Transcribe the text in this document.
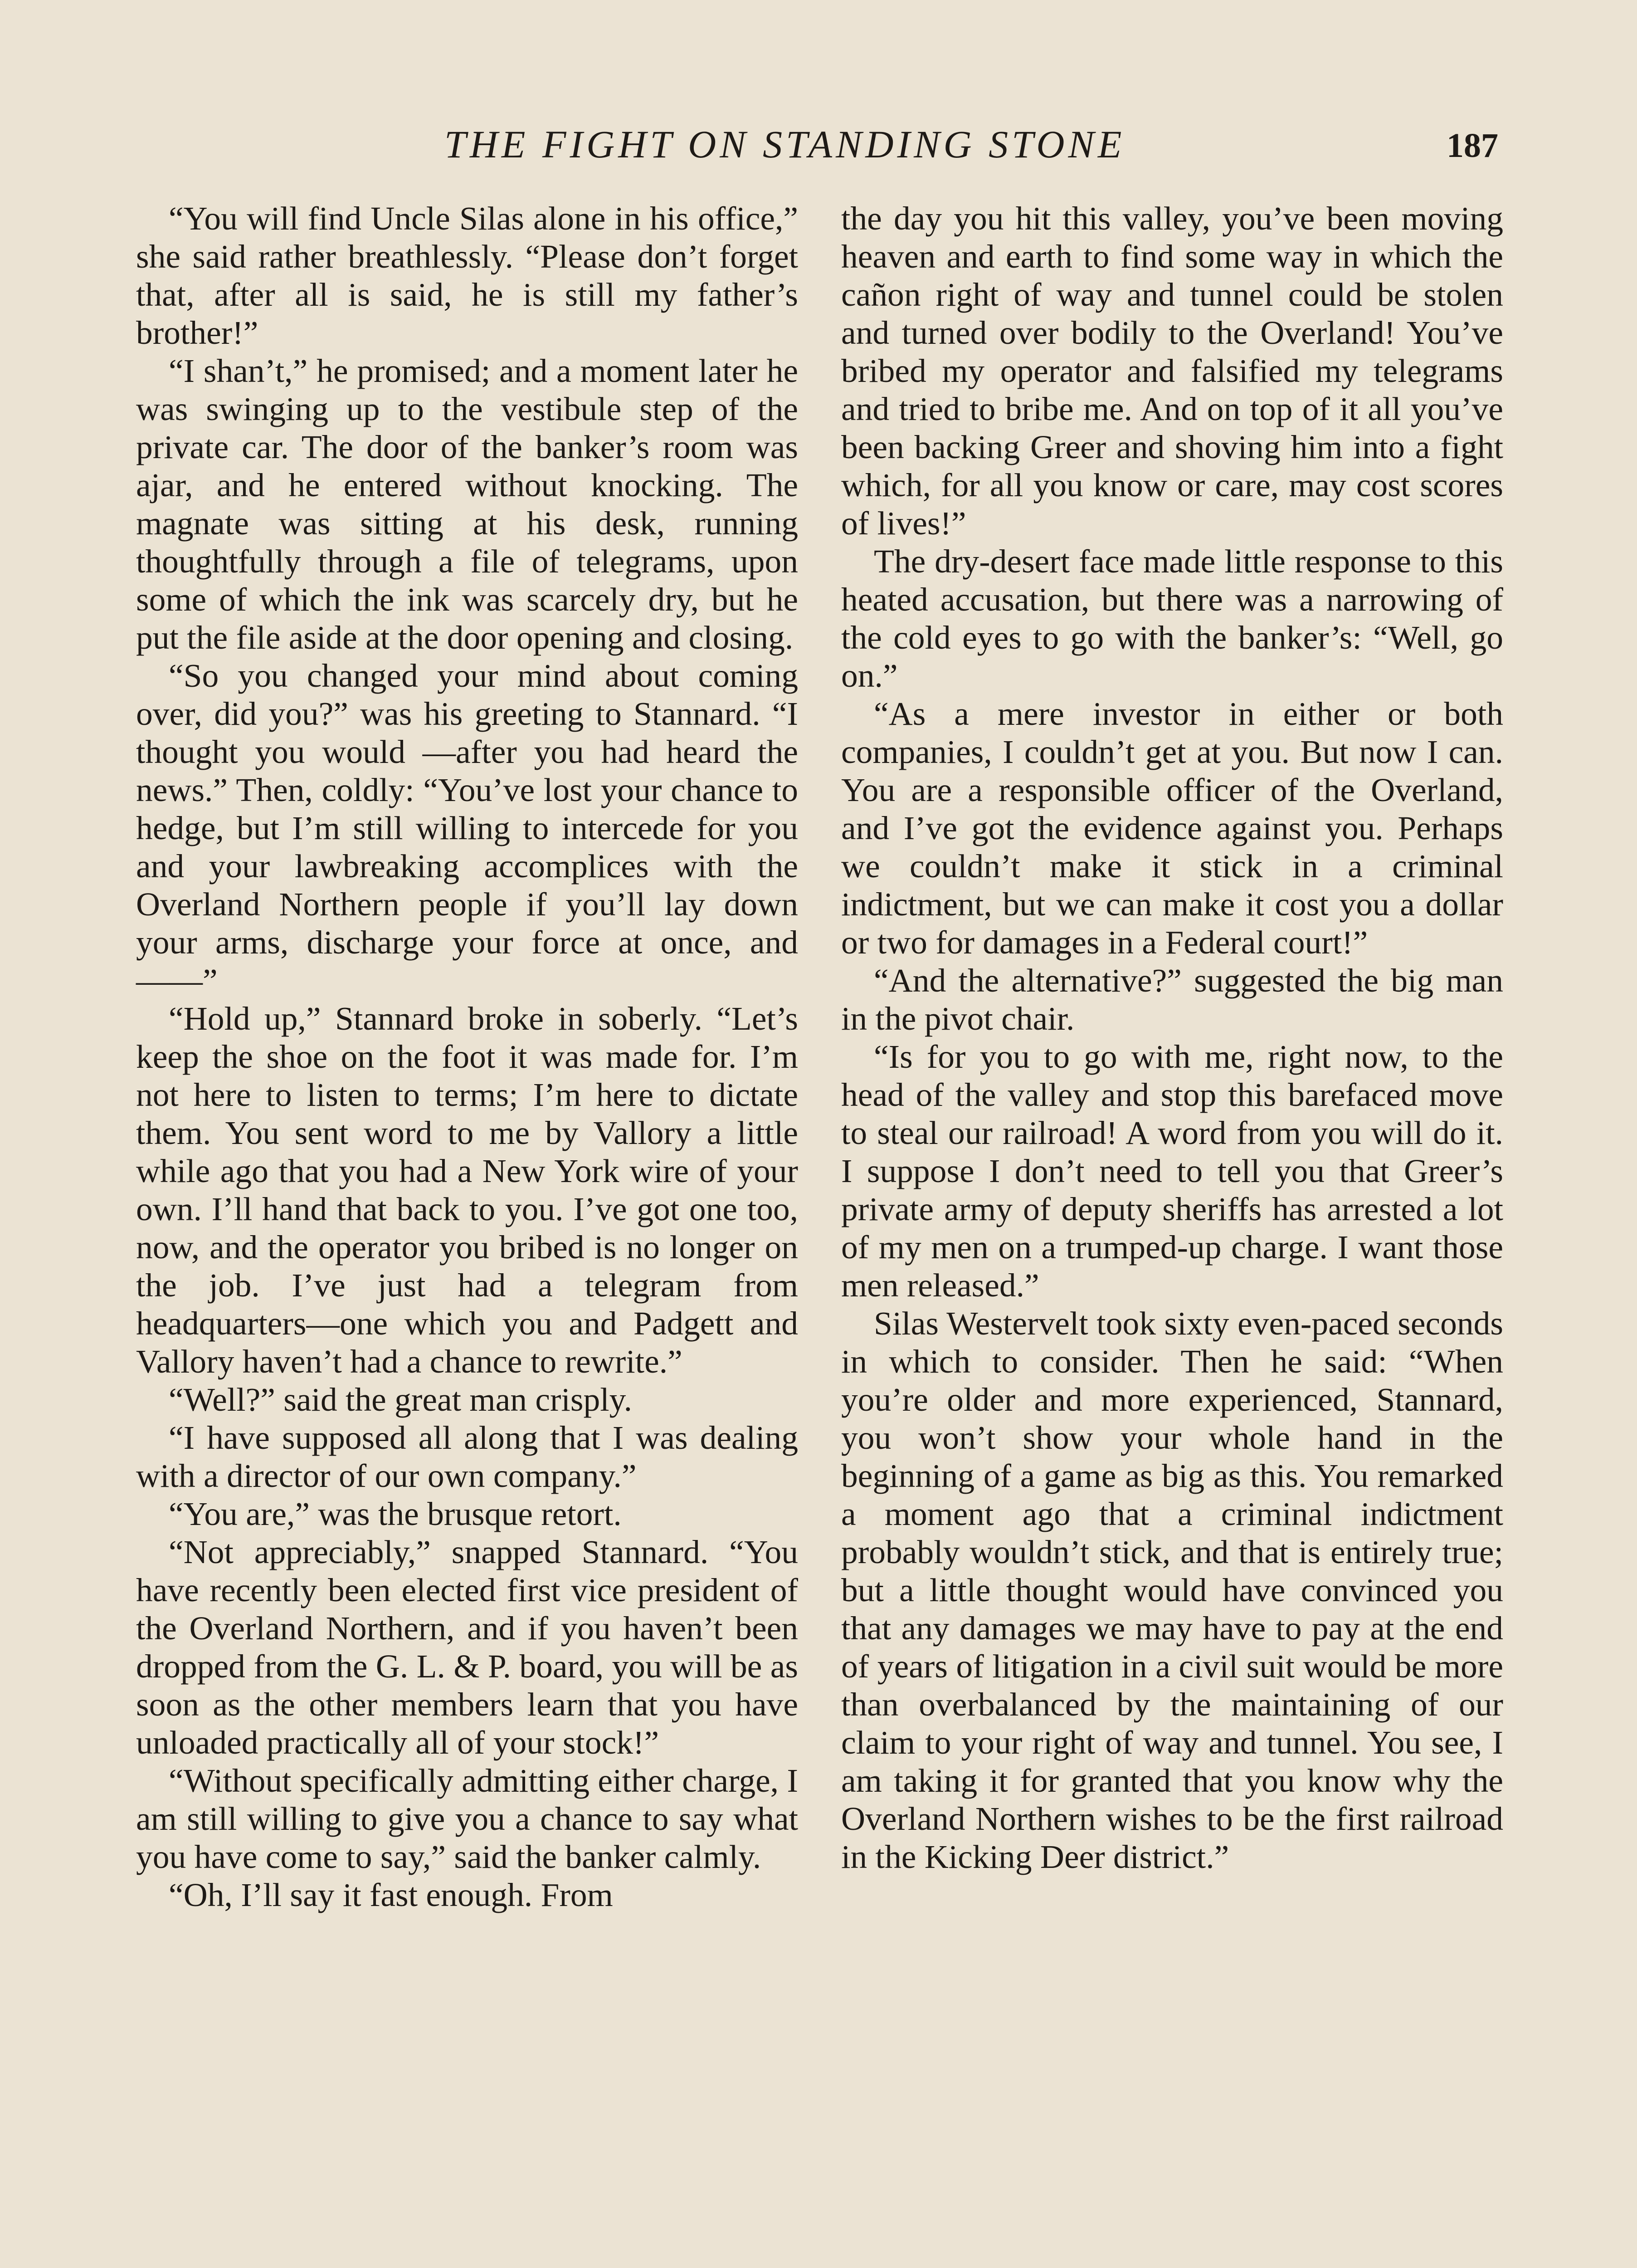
THE FIGHT ON STANDING STONE	187

“You will find Uncle Silas alone in his office,” she said rather breathlessly. “Please don’t forget that, after all is said, he is still my father’s brother!”

“I shan’t,” he promised; and a moment later he was swinging up to the vestibule step of the private car. The door of the banker’s room was ajar, and he entered without knocking. The magnate was sitting at his desk, running thoughtfully through a file of telegrams, upon some of which the ink was scarcely dry, but he put the file aside at the door opening and closing.

“So you changed your mind about coming over, did you?” was his greeting to Stannard. “I thought you would —after you had heard the news.” Then, coldly: “You’ve lost your chance to hedge, but I’m still willing to intercede for you and your lawbreaking accomplices with the Overland Northern people if you’ll lay down your arms, discharge your force at once, and——”

“Hold up,” Stannard broke in soberly. “Let’s keep the shoe on the foot it was made for. I’m not here to listen to terms; I’m here to dictate them. You sent word to me by Vallory a little while ago that you had a New York wire of your own. I’ll hand that back to you. I’ve got one too, now, and the operator you bribed is no longer on the job. I’ve just had a telegram from headquarters—one which you and Padgett and Vallory haven’t had a chance to rewrite.”

“Well?” said the great man crisply.

“I have supposed all along that I was dealing with a director of our own company.”

“You are,” was the brusque retort.

“Not appreciably,” snapped Stannard. “You have recently been elected first vice president of the Overland Northern, and if you haven’t been dropped from the G. L. & P. board, you will be as soon as the other members learn that you have unloaded practically all of your stock!”

“Without specifically admitting either charge, I am still willing to give you a chance to say what you have come to say,” said the banker calmly.

“Oh, I’ll say it fast enough. From

the day you hit this valley, you’ve been moving heaven and earth to find some way in which the cañon right of way and tunnel could be stolen and turned over bodily to the Overland! You’ve bribed my operator and falsified my telegrams and tried to bribe me. And on top of it all you’ve been backing Greer and shoving him into a fight which, for all you know or care, may cost scores of lives!”

The dry-desert face made little response to this heated accusation, but there was a narrowing of the cold eyes to go with the banker’s: “Well, go on.”

“As a mere investor in either or both companies, I couldn’t get at you. But now I can. You are a responsible officer of the Overland, and I’ve got the evidence against you. Perhaps we couldn’t make it stick in a criminal indictment, but we can make it cost you a dollar or two for damages in a Federal court!”

“And the alternative?” suggested the big man in the pivot chair.

“Is for you to go with me, right now, to the head of the valley and stop this barefaced move to steal our railroad! A word from you will do it. I suppose I don’t need to tell you that Greer’s private army of deputy sheriffs has arrested a lot of my men on a trumped-up charge. I want those men released.”

Silas Westervelt took sixty even-paced seconds in which to consider. Then he said: “When you’re older and more experienced, Stannard, you won’t show your whole hand in the beginning of a game as big as this. You remarked a moment ago that a criminal indictment probably wouldn’t stick, and that is entirely true; but a little thought would have convinced you that any damages we may have to pay at the end of years of litigation in a civil suit would be more than overbalanced by the maintaining of our claim to your right of way and tunnel. You see, I am taking it for granted that you know why the Overland Northern wishes to be the first railroad in the Kicking Deer district.”
